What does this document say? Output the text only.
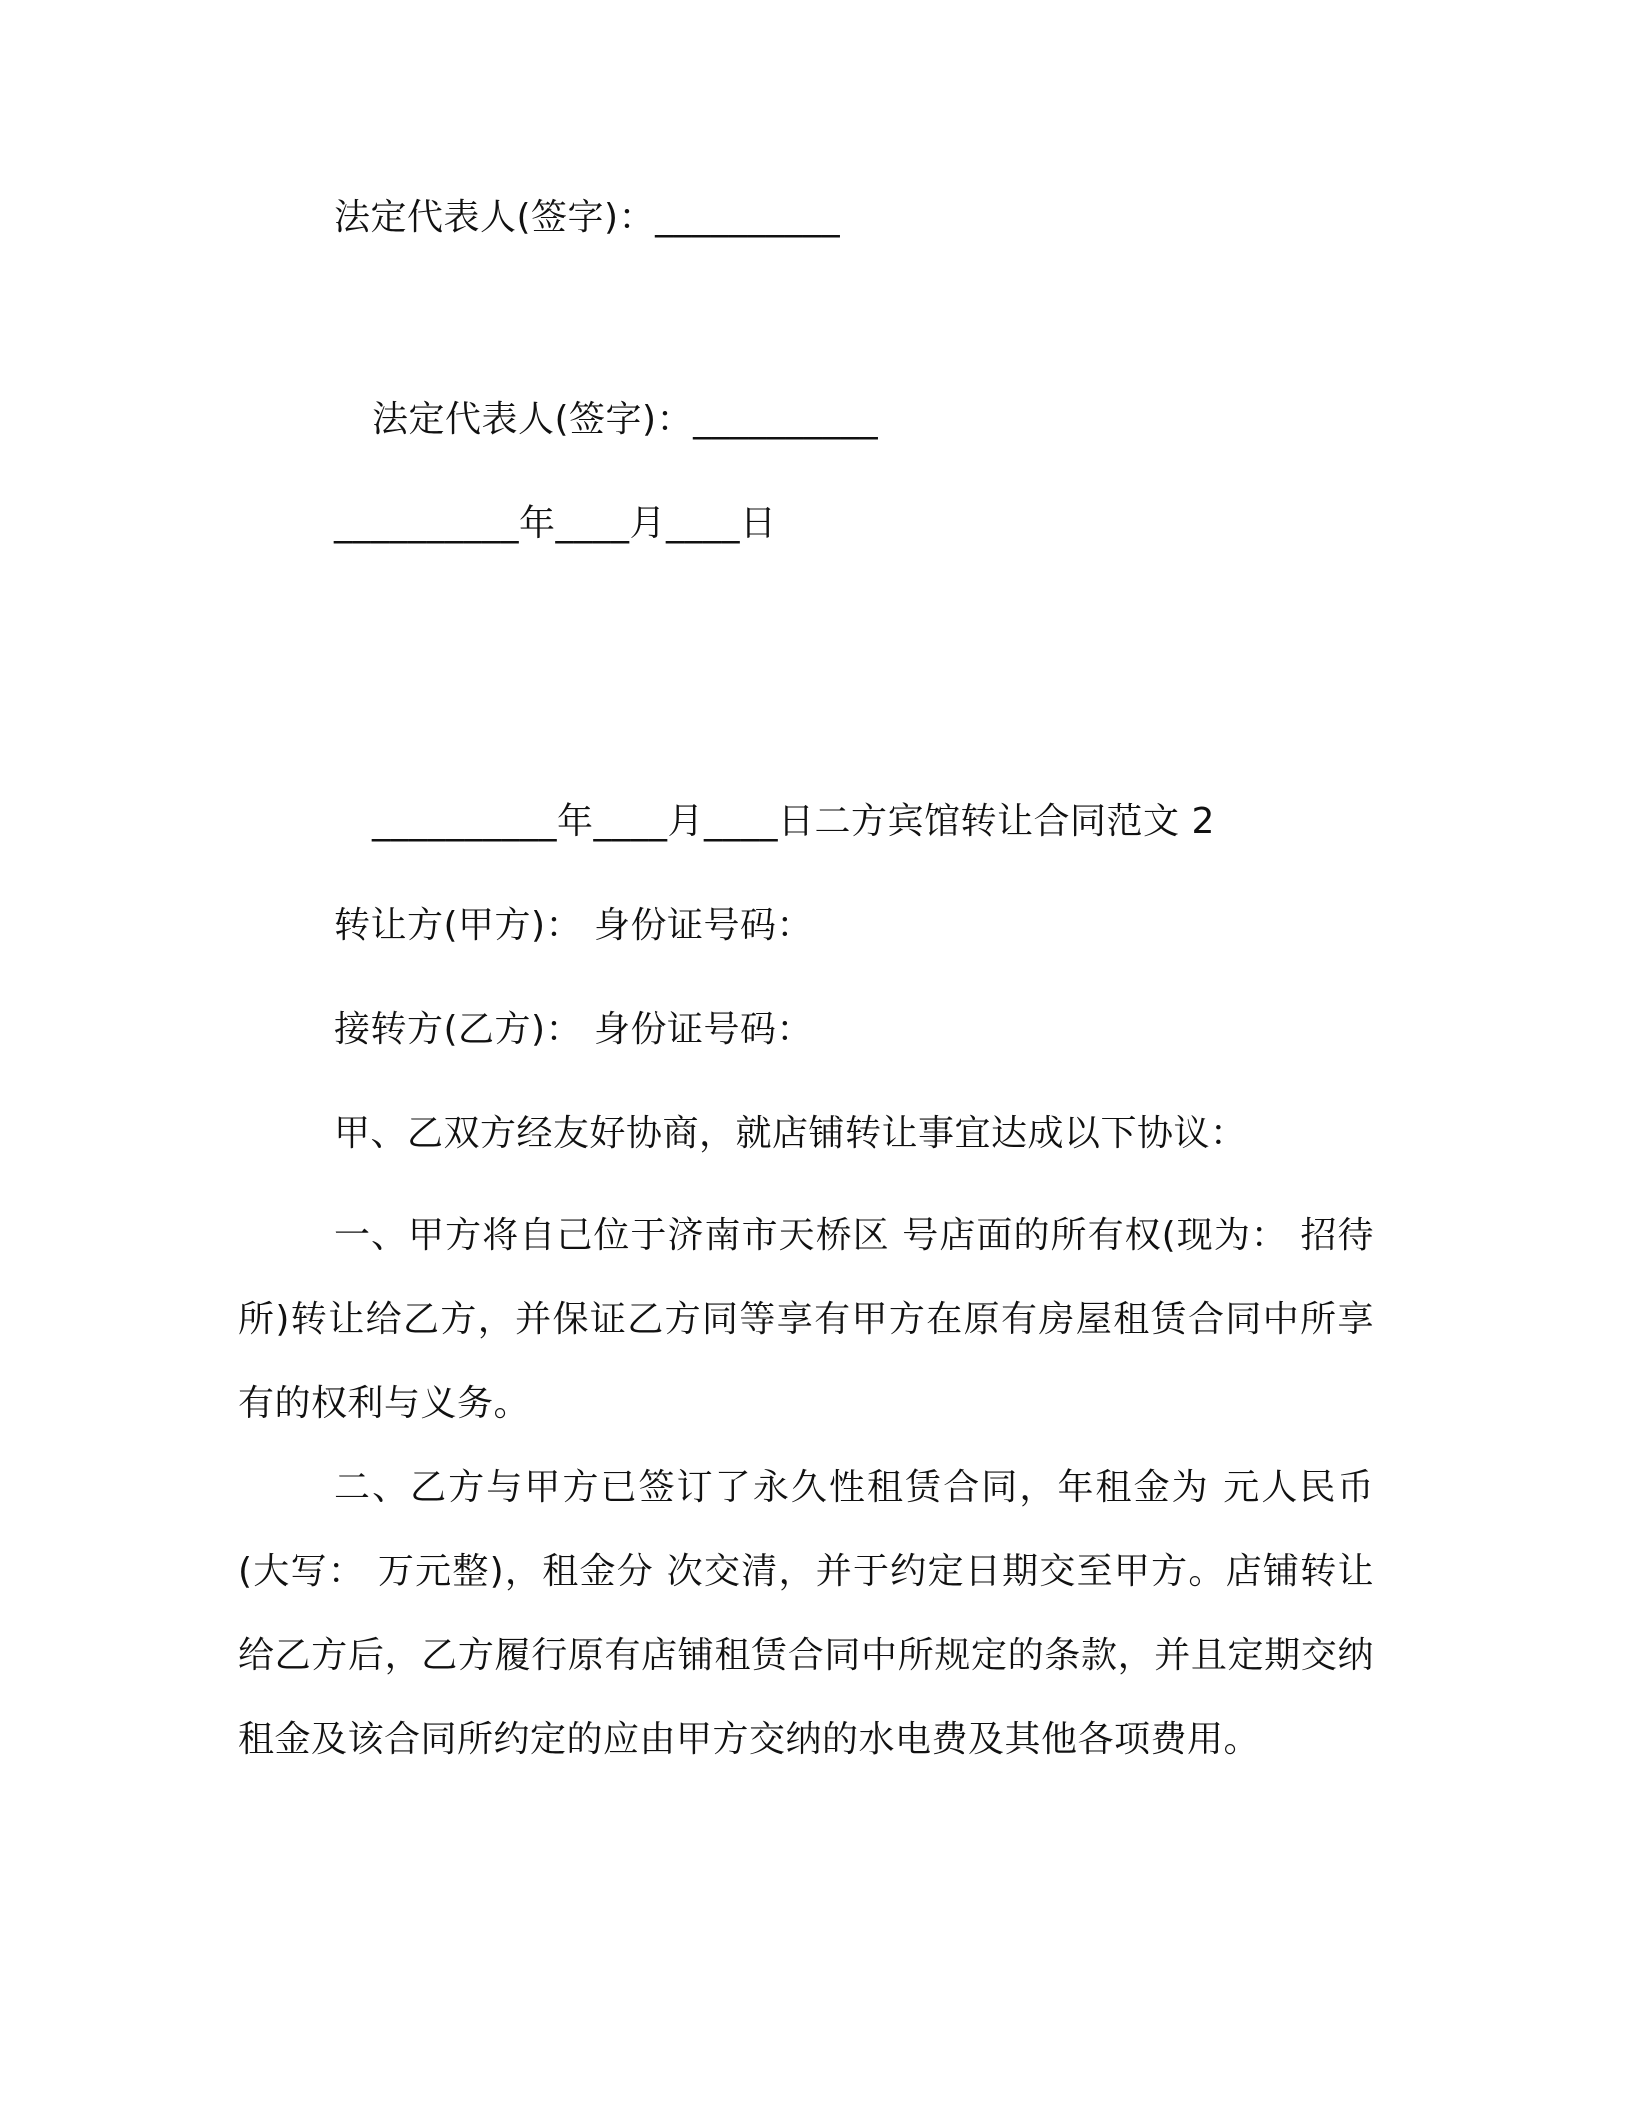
法定代表人(签字)：__________
法定代表人(签字)：__________
__________年____月____日
__________年____月____日二方宾馆转让合同范文 2
转让方(甲方)： 身份证号码：
接转方(乙方)： 身份证号码：
甲、乙双方经友好协商，就店铺转让事宜达成以下协议：

一、甲方将自己位于济南市天桥区 号店面的所有权(现为： 招待所)转让给乙方，并保证乙方同等享有甲方在原有房屋租赁合同中所享有的权利与义务。

二、乙方与甲方已签订了永久性租赁合同，年租金为 元人民币(大写： 万元整)，租金分 次交清，并于约定日期交至甲方。店铺转让给乙方后，乙方履行原有店铺租赁合同中所规定的条款，并且定期交纳租金及该合同所约定的应由甲方交纳的水电费及其他各项费用。
